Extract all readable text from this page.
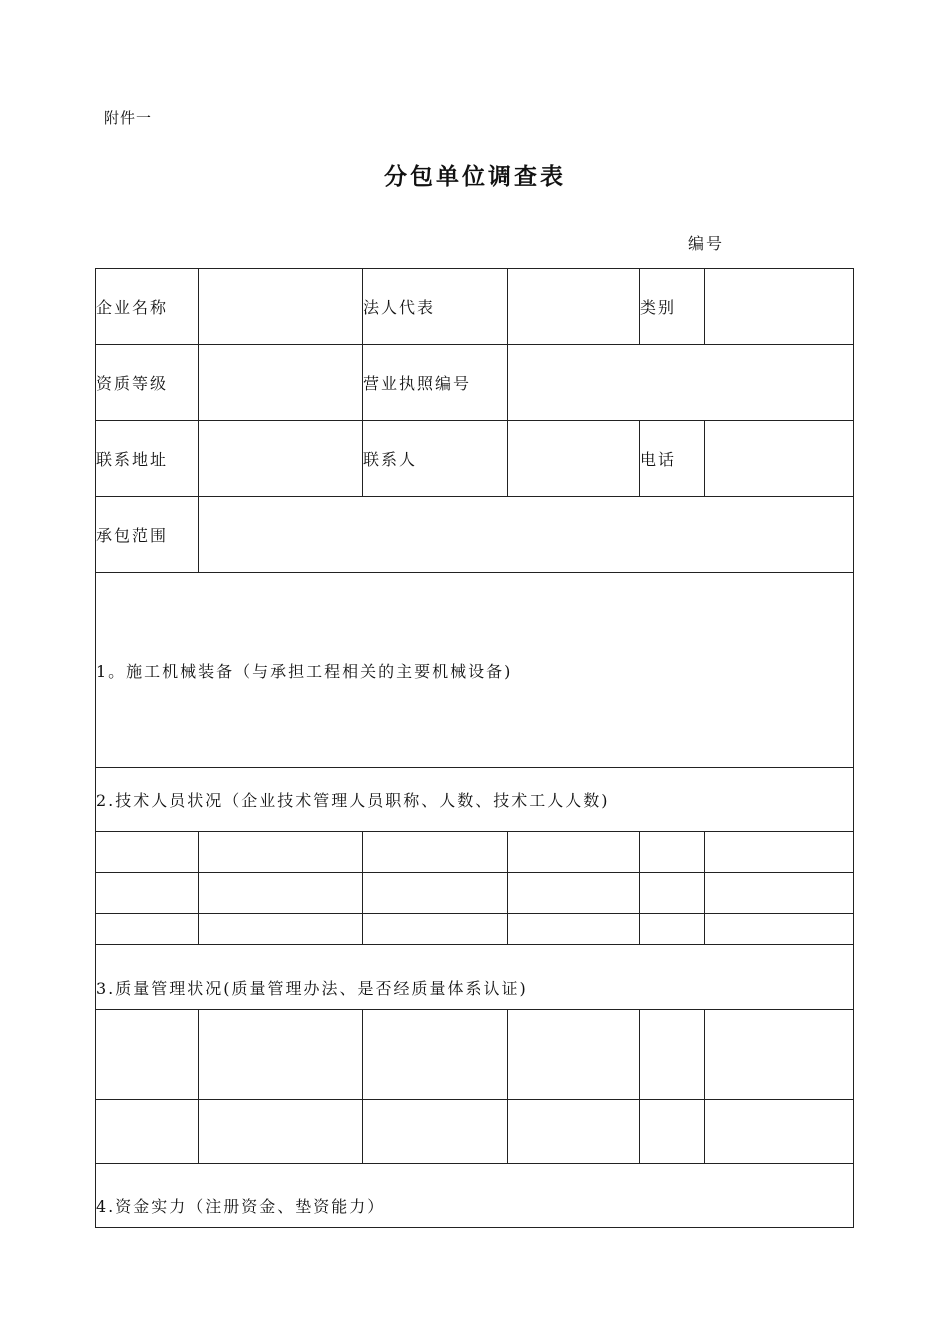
附件一
分包单位调查表
编号
企业名称		法人代表		类别	
资质等级		营业执照编号			
联系地址		联系人		电话	
承包范围					

1。施工机械装备（与承担工程相关的主要机械设备)					

2.技术人员状况（企业技术管理人员职称、人数、技术工人人数)					

3.质量管理状况(质量管理办法、是否经质量体系认证)					

4.资金实力（注册资金、垫资能力）					
